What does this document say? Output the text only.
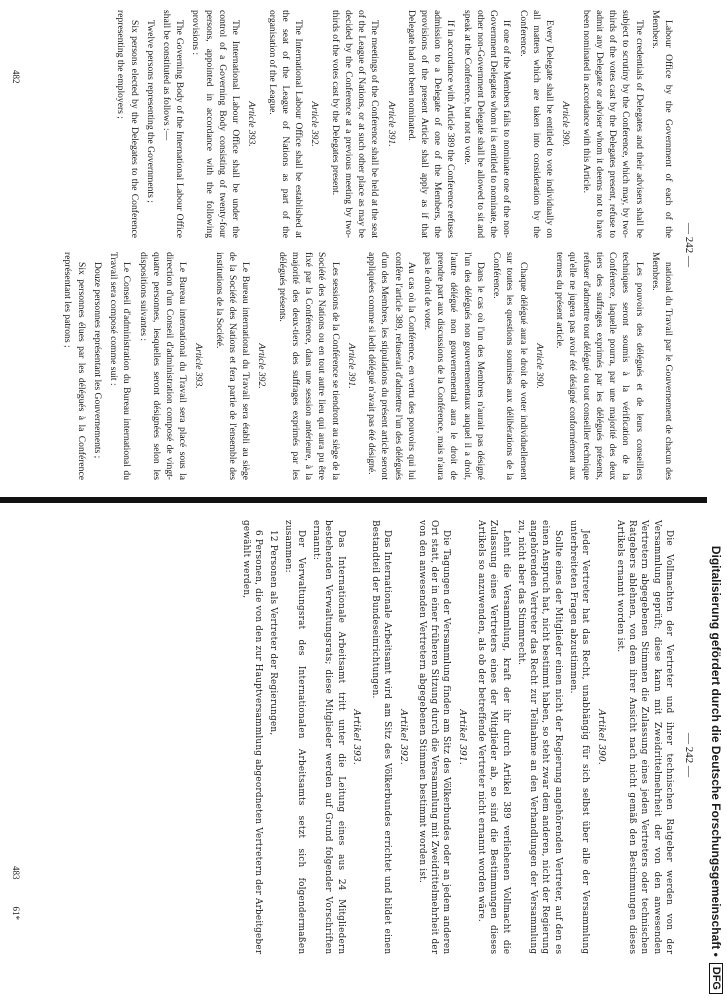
Digitalisierung gefördert durch die Deutsche Forschungsgemeinschaft •
DFG
— 242 —

Die Vollmachten der Vertreter und ihrer technischen Ratgeber werden von der Versammlung geprüft; diese kann mit Zweidrittelmehrheit der von den anwesenden Vertretern abgegebenen Stimmen die Zulassung eines jeden Vertreters oder technischen Ratgebers ablehnen, von dem ihrer Ansicht nach nicht gemäß den Bestimmungen dieses Artikels ernannt worden ist.

Artikel 390.

Jeder Vertreter hat das Recht, unabhängig für sich selbst über alle der Versammlung unterbreiteten Fragen abzustimmen.

Sollte eines der Mitglieder einen nicht der Regierung angehörenden Vertreter, auf den es einen Anspruch hat, nicht bestimmt haben, so steht zwar dem anderen, nicht der Regierung angehörenden Vertreter das Recht zur Teilnahme an den Verhandlungen der Versammlung zu, nicht aber das Stimmrecht.

Lehnt die Versammlung, kraft der ihr durch Artikel 389 verliehenen Vollmacht die Zulassung eines Vertreters eines der Mitglieder ab, so sind die Bestimmungen dieses Artikels so anzuwenden, als ob der betreffende Vertreter nicht ernannt worden wäre.

Artikel 391.

Die Tagungen der Versammlung finden am Sitz des Völkerbundes oder an jedem anderen Ort statt, der in einer früheren Sitzung durch die Versammlung mit Zweidrittelmehrheit der von den anwesenden Vertretern abgegebenen Stimmen bestimmt worden ist.

Artikel 392.

Das Internationale Arbeitsamt wird am Sitz des Völkerbundes errichtet und bildet einen Bestandteil der Bundeseinrichtungen.

Artikel 393.

Das Internationale Arbeitsamt tritt unter die Leitung eines aus 24 Mitgliedern bestehenden Verwaltungsrats; diese Mitglieder werden auf Grund folgender Vorschriften ernannt:

Der Verwaltungsrat des Internationalen Arbeitsamts setzt sich folgendermaßen zusammen:

12 Personen als Vertreter der Regierungen,

6 Personen, die von den zur Hauptversammlung abgeordneten Vertretern der Arbeitgeber gewählt werden,

483            61*
— 242 —

Labour Office by the Government of each of the Members.

The credentials of Delegates and their advisers shall be subject to scrutiny by the Conference, which may, by two-thirds of the votes cast by the Delegates present, refuse to admit any Delegate or adviser whom it deems not to have been nominated in accordance with this Article.

Article 390.

Every Delegate shall be entitled to vote individually on all matters which are taken into consideration by the Conference.

If one of the Members fails to nominate one of the non-Government Delegates whom it is entitled to nominate, the other non-Government Delegate shall be allowed to sit and speak at the Conference, but not to vote.

If in accordance with Article 389 the Conference refuses admission to a Delegate of one of the Members, the provisions of the present Article shall apply as if that Delegate had not been nominated.

Article 391.

The meetings of the Conference shall be held at the seat of the League of Nations, or at such other place as may be decided by the Conference at a previous meeting by two-thirds of the votes cast by the Delegates present.

Article 392.

The International Labour Office shall be established at the seat of the League of Nations as part of the organisation of the League.

Article 393.

The International Labour Office shall be under the control of a Governing Body consisting of twenty-four persons, appointed in accordance with the following provisions :

The Governing Body of the International Labour Office shall be constituted as follows :—

Twelve persons representing the Governments ;

Six persons elected by the Delegates to the Conference representing the employers ;

national du Travail par le Gouvernement de chacun des Membres.

Les pouvoirs des délégués et de leurs conseillers techniques seront soumis à la vérification de la Conférence, laquelle pourra, par une majorité des deux tiers des suffrages exprimés par les délégués présents, refuser d'admettre tout délégué ou tout conseiller technique qu'elle ne jugera pas avoir été désigné conformément aux termes du présent article.

Article 390.

Chaque délégué aura le droit de voter individuellement sur toutes les questions soumises aux délibérations de la Conférence.

Dans le cas où l'un des Membres n'aurait pas désigné l'un des délégués non gouvernementaux auquel il a droit, l'autre délégué non gouvernemental aura le droit de prendre part aux discussions de la Conférence, mais n'aura pas le droit de voter.

Au cas où la Conférence, en vertu des pouvoirs qui lui confère l'article 389, refuserait d'admettre l'un des délégués d'un des Membres, les stipulations du présent article seront appliquées comme si ledit délégué n'avait pas été désigné.

Article 391.

Les sessions de la Conférence se tiendront au siège de la Société des Nations ou en tout autre lieu qui aura pu être fixé par la Conférence, dans une session antérieure, à la majorité des deux-tiers des suffrages exprimés par les délégués présents.

Article 392.

Le Bureau international du Travail sera établi au siège de la Société des Nations et fera partie de l'ensemble des institutions de la Société.

Article 393.

Le Bureau international du Travail sera placé sous la direction d'un Conseil d'administration composé de vingt-quatre personnes, lesquelles seront désignées selon les dispositions suivantes :

Le Conseil d'administration du Bureau international du Travail sera composé comme suit :

Douze personnes représentant les Gouvernements ;

Six personnes élues par les délégués à la Conférence représentant les patrons ;

482
